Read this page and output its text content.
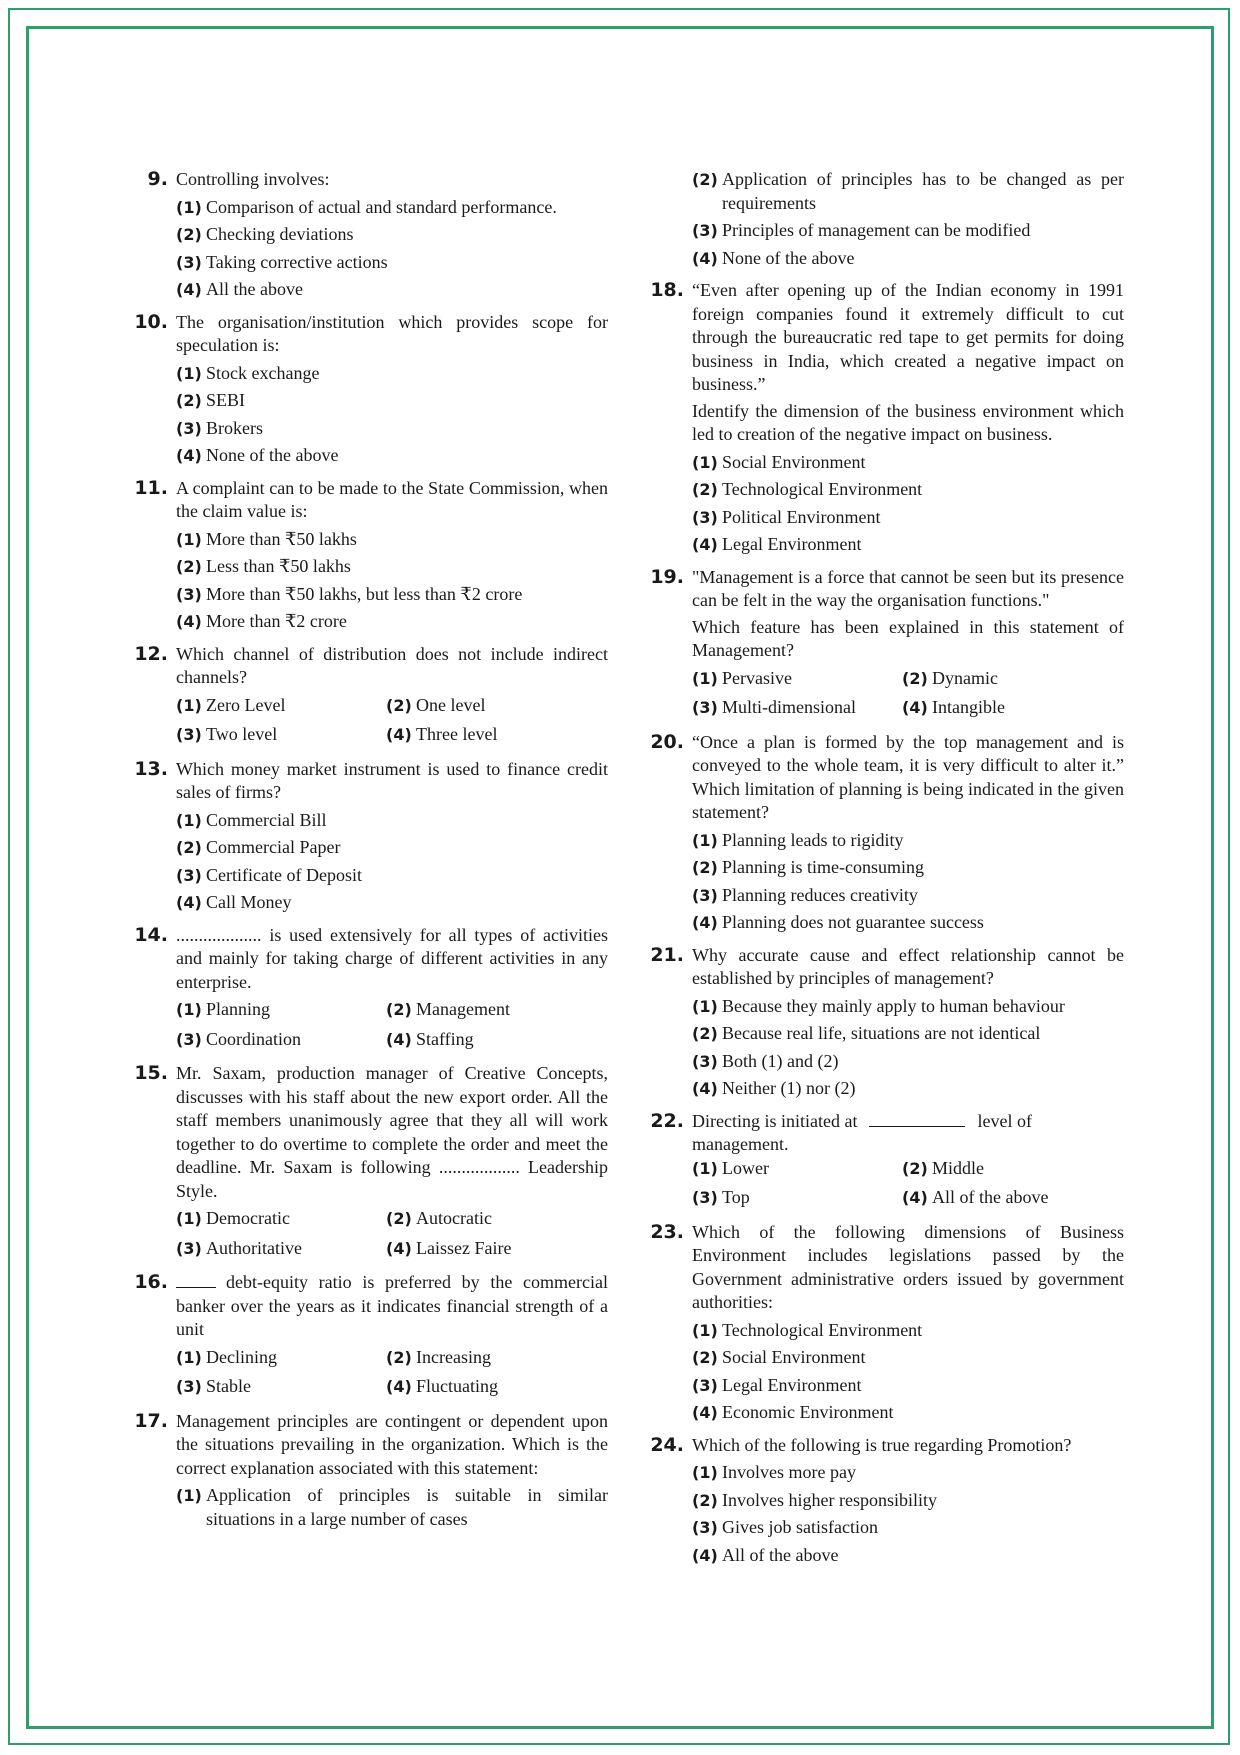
9. Controlling involves:

(1) Comparison of actual and standard performance.
(2) Checking deviations
(3) Taking corrective actions
(4) All the above
10. The organisation/institution which provides scope for speculation is:

(1) Stock exchange
(2) SEBI
(3) Brokers
(4) None of the above
11. A complaint can to be made to the State Commission, when the claim value is:

(1) More than ₹50 lakhs
(2) Less than ₹50 lakhs
(3) More than ₹50 lakhs, but less than ₹2 crore
(4) More than ₹2 crore
12. Which channel of distribution does not include indirect channels?

(1) Zero Level	(2) One level
(3) Two level	(4) Three level
13. Which money market instrument is used to finance credit sales of firms?

(1) Commercial Bill
(2) Commercial Paper
(3) Certificate of Deposit
(4) Call Money
14. ................... is used extensively for all types of activities and mainly for taking charge of different activities in any enterprise.

(1) Planning	(2) Management
(3) Coordination	(4) Staffing
15. Mr. Saxam, production manager of Creative Concepts, discusses with his staff about the new export order. All the staff members unanimously agree that they all will work together to do overtime to complete the order and meet the deadline. Mr. Saxam is following .................. Leadership Style.

(1) Democratic	(2) Autocratic
(3) Authoritative	(4) Laissez Faire
16.	debt-equity ratio is preferred by the commercial banker over the years as it indicates financial strength of a unit

(1) Declining	(2) Increasing
(3) Stable	(4) Fluctuating
17. Management principles are contingent or dependent upon the situations prevailing in the organization. Which is the correct explanation associated with this statement:

(1) Application of principles is suitable in similar situations in a large number of cases
(2) Application of principles has to be changed as per requirements
(3) Principles of management can be modified
(4) None of the above
18. “Even after opening up of the Indian economy in 1991 foreign companies found it extremely difficult to cut through the bureaucratic red tape to get permits for doing business in India, which created a negative impact on business.”

Identify the dimension of the business environment which led to creation of the negative impact on business.

(1) Social Environment
(2) Technological Environment
(3) Political Environment
(4) Legal Environment
19. "Management is a force that cannot be seen but its presence can be felt in the way the organisation functions."

Which feature has been explained in this statement of Management?

(1) Pervasive	(2) Dynamic
(3) Multi-dimensional	(4) Intangible
20. “Once a plan is formed by the top management and is conveyed to the whole team, it is very difficult to alter it.” Which limitation of planning is being indicated in the given statement?

(1) Planning leads to rigidity
(2) Planning is time-consuming
(3) Planning reduces creativity
(4) Planning does not guarantee success
21. Why accurate cause and effect relationship cannot be established by principles of management?

(1) Because they mainly apply to human behaviour
(2) Because real life, situations are not identical
(3) Both (1) and (2)
(4) Neither (1) nor (2)
22. Directing is initiated at	level of management.

(1) Lower	(2) Middle
(3) Top	(4) All of the above
23. Which of the following dimensions of Business Environment includes legislations passed by the Government administrative orders issued by government authorities:

(1) Technological Environment
(2) Social Environment
(3) Legal Environment
(4) Economic Environment
24. Which of the following is true regarding Promotion?

(1) Involves more pay
(2) Involves higher responsibility
(3) Gives job satisfaction
(4) All of the above
